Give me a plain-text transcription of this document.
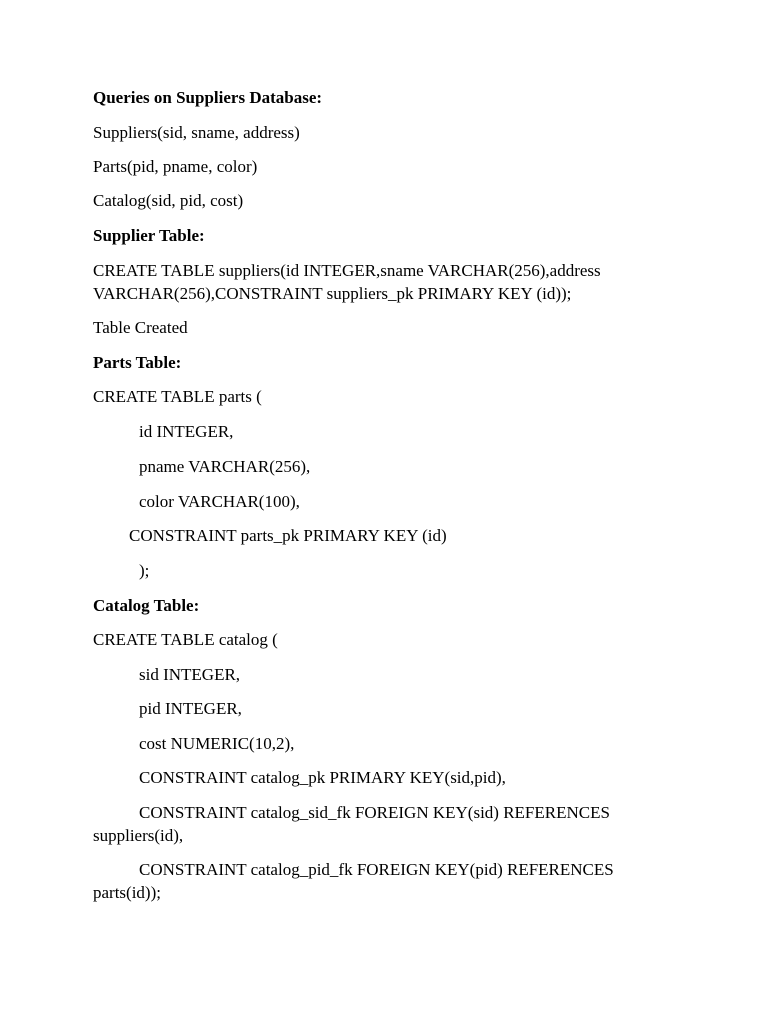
Queries on Suppliers Database:
Suppliers(sid, sname, address)
Parts(pid, pname, color)
Catalog(sid, pid, cost)
Supplier Table:
CREATE TABLE suppliers(id INTEGER,sname VARCHAR(256),address VARCHAR(256),CONSTRAINT suppliers_pk PRIMARY KEY (id));
Table Created
Parts Table:
CREATE TABLE parts (
id INTEGER,
pname VARCHAR(256),
color VARCHAR(100),
CONSTRAINT parts_pk PRIMARY KEY (id)
);
Catalog Table:
CREATE TABLE catalog (
sid INTEGER,
pid INTEGER,
cost NUMERIC(10,2),
CONSTRAINT catalog_pk PRIMARY KEY(sid,pid),
CONSTRAINT catalog_sid_fk FOREIGN KEY(sid) REFERENCES
suppliers(id),
CONSTRAINT catalog_pid_fk FOREIGN KEY(pid) REFERENCES
parts(id));
